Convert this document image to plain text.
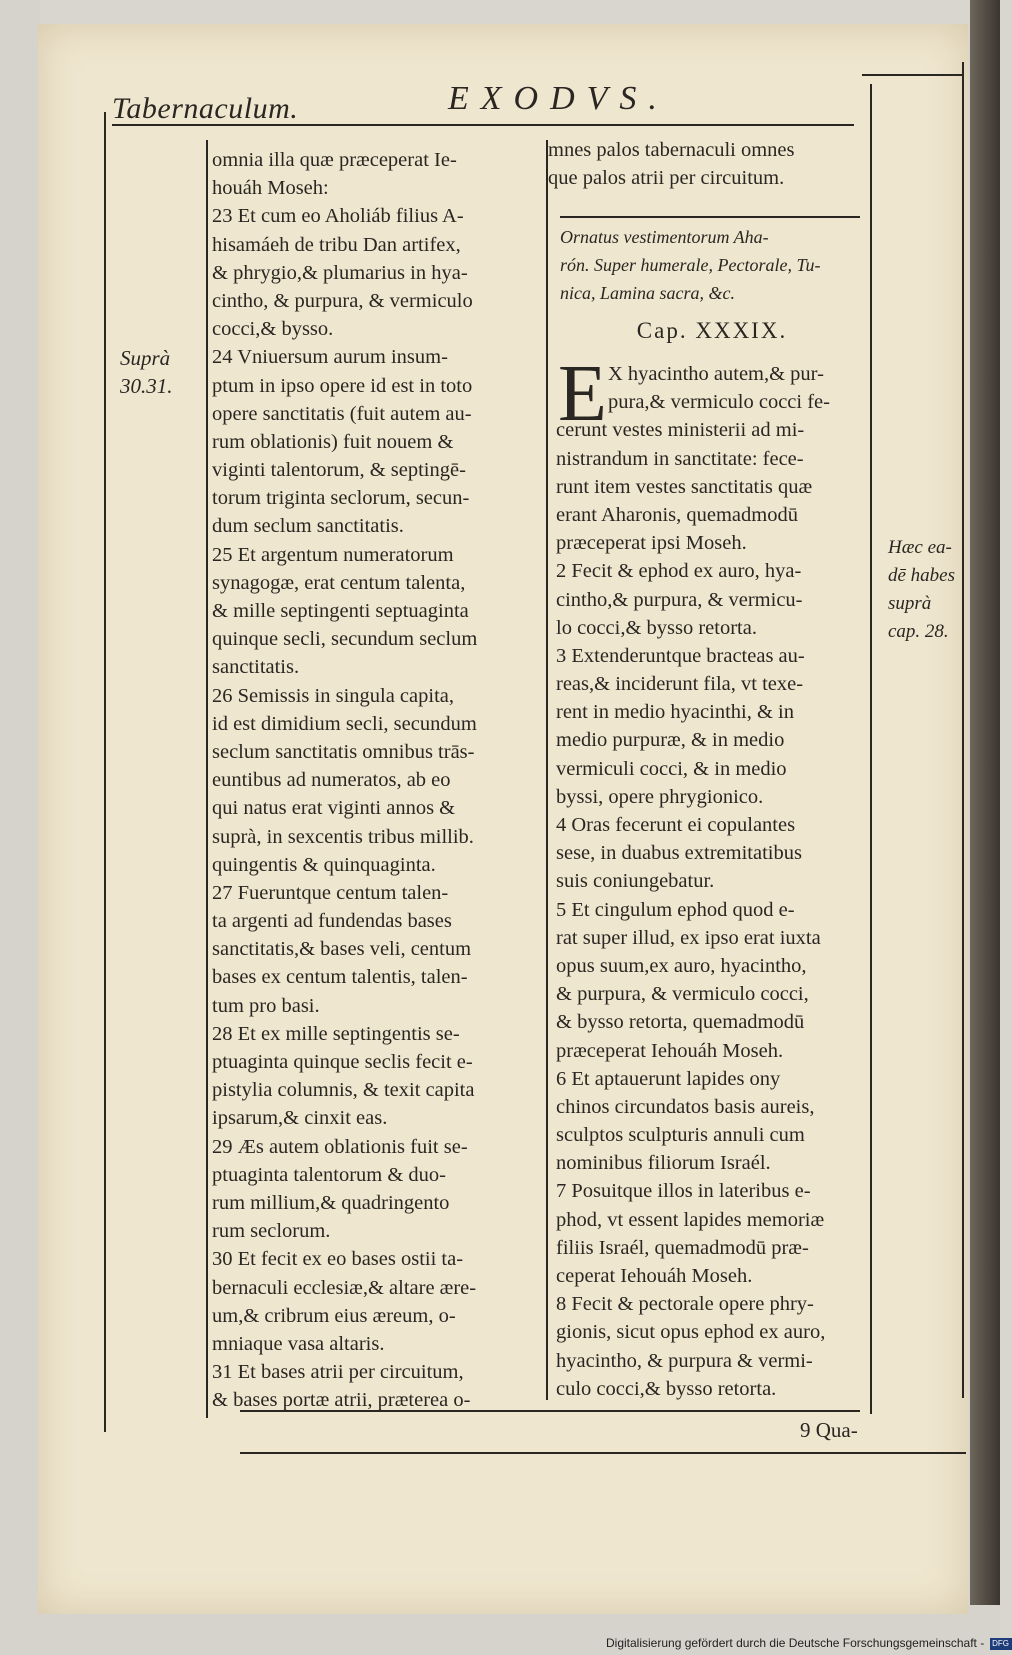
Tabernaculum.	EXODVS.
Suprà
30.31.
Hæc ea-
dē habes
suprà
cap. 28.
omnia illa quæ præceperat Ie-
houáh Moseh:
23 Et cum eo Aholiáb filius A-
hisamáeh de tribu Dan artifex,
& phrygio,& plumarius in hya-
cintho, & purpura, & vermiculo
cocci,& bysso.
24 Vniuersum aurum insum-
ptum in ipso opere id est in toto
opere sanctitatis (fuit autem au-
rum oblationis) fuit nouem &
viginti talentorum, & septingē-
torum triginta seclorum, secun-
dum seclum sanctitatis.
25 Et argentum numeratorum
synagogæ, erat centum talenta,
& mille septingenti septuaginta
quinque secli, secundum seclum
sanctitatis.
26 Semissis in singula capita,
id est dimidium secli, secundum
seclum sanctitatis omnibus trās-
euntibus ad numeratos, ab eo
qui natus erat viginti annos &
suprà, in sexcentis tribus millib.
quingentis & quinquaginta.
27 Fueruntque centum talen-
ta argenti ad fundendas bases
sanctitatis,& bases veli, centum
bases ex centum talentis, talen-
tum pro basi.
28 Et ex mille septingentis se-
ptuaginta quinque seclis fecit e-
pistylia columnis, & texit capita
ipsarum,& cinxit eas.
29 Æs autem oblationis fuit se-
ptuaginta talentorum & duo-
rum millium,& quadringento
rum seclorum.
30 Et fecit ex eo bases ostii ta-
bernaculi ecclesiæ,& altare ære-
um,& cribrum eius æreum, o-
mniaque vasa altaris.
31 Et bases atrii per circuitum,
& bases portæ atrii, prætereа o-
mnes palos tabernaculi omnes
que palos atrii per circuitum.
Ornatus vestimentorum Aha-
rón. Super humerale, Pectorale, Tu-
nica, Lamina sacra, &c.
Cap. XXXIX.
E X hyacintho autem,& pur-
pura,& vermiculo cocci fe-
cerunt vestes ministerii ad mi-
nistrandum in sanctitate: fece-
runt item vestes sanctitatis quæ
erant Aharonis, quemadmodū
præceperat ipsi Moseh.
2 Fecit & ephod ex auro, hya-
cintho,& purpura, & vermicu-
lo cocci,& bysso retorta.
3 Extenderuntque bracteas au-
reas,& inciderunt fila, vt texe-
rent in medio hyacinthi, & in
medio purpuræ, & in medio
vermiculi cocci, & in medio
byssi, opere phrygionico.
4 Oras fecerunt ei copulantes
sese, in duabus extremitatibus
suis coniungebatur.
5 Et cingulum ephod quod e-
rat super illud, ex ipso erat iuxta
opus suum,ex auro, hyacintho,
& purpura, & vermiculo cocci,
& bysso retorta, quemadmodū
præceperat Iehouáh Moseh.
6 Et aptauerunt lapides ony
chinos circundatos basis aureis,
sculptos sculpturis annuli cum
nominibus filiorum Israél.
7 Posuitque illos in lateribus e-
phod, vt essent lapides memoriæ
filiis Israél, quemadmodū præ-
ceperat Iehouáh Moseh.
8 Fecit & pectorale opere phry-
gionis, sicut opus ephod ex auro,
hyacintho, & purpura & vermi-
culo cocci,& bysso retorta.
9 Qua-
Digitalisierung gefördert durch die Deutsche Forschungsgemeinschaft - DFG
